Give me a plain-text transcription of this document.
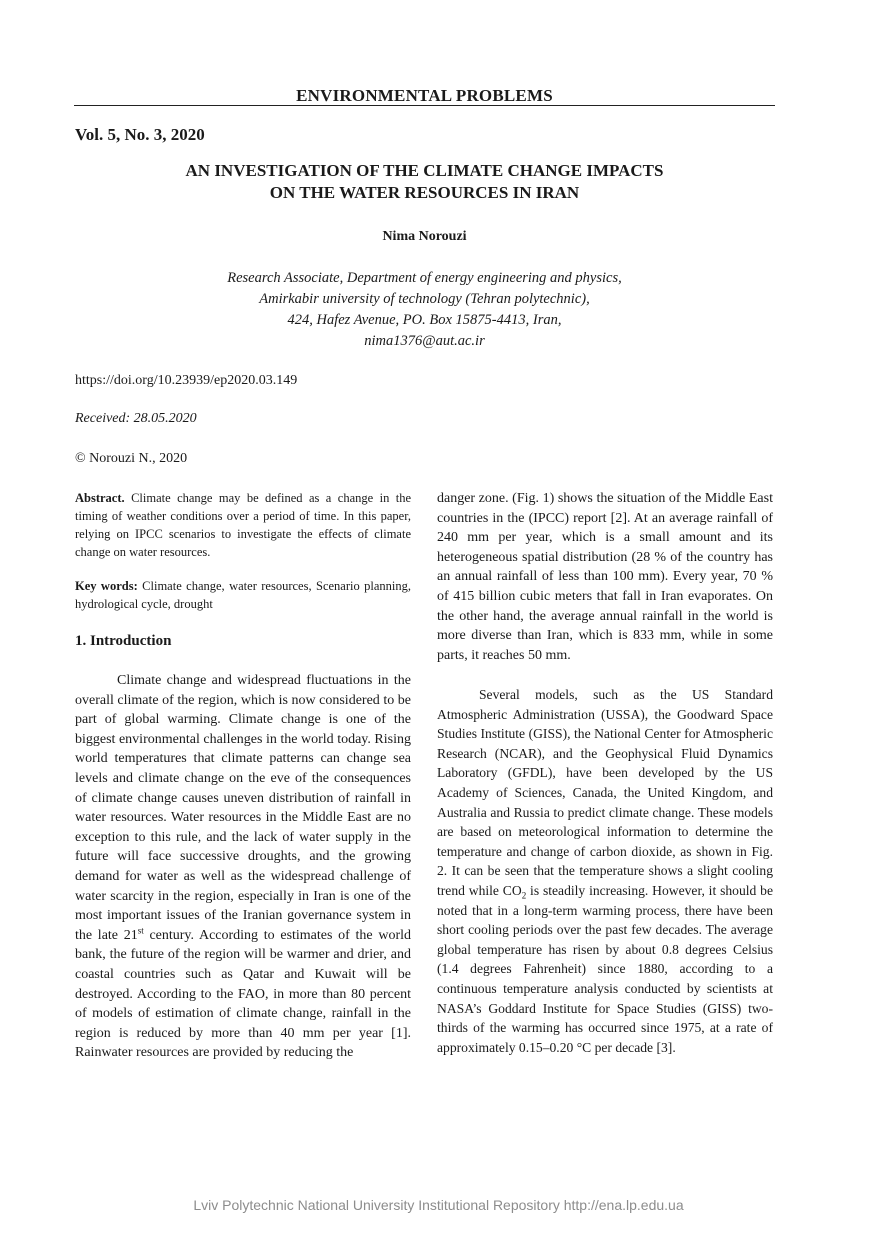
ENVIRONMENTAL PROBLEMS
Vol. 5, No. 3, 2020
AN INVESTIGATION OF THE CLIMATE CHANGE IMPACTS
ON THE WATER RESOURCES IN IRAN
Nima Norouzi
Research Associate, Department of energy engineering and physics,
Amirkabir university of technology (Tehran polytechnic),
424, Hafez Avenue, PO. Box 15875-4413, Iran,
nima1376@aut.ac.ir
https://doi.org/10.23939/ep2020.03.149
Received: 28.05.2020
© Norouzi N., 2020

Abstract. Climate change may be defined as a change in the timing of weather conditions over a period of time. In this paper, relying on IPCC scenarios to investigate the effects of climate change on water resources.

Key words: Climate change, water resources, Scenario planning, hydrological cycle, drought

1. Introduction

Climate change and widespread fluctuations in the overall climate of the region, which is now considered to be part of global warming. Climate change is one of the biggest environmental challenges in the world today. Rising world temperatures that climate patterns can change sea levels and climate change on the eve of the consequences of climate change causes uneven distribution of rainfall in water resources. Water resources in the Middle East are no exception to this rule, and the lack of water supply in the future will face successive droughts, and the growing demand for water as well as the widespread challenge of water scarcity in the region, especially in Iran is one of the most important issues of the Iranian governance system in the late 21st century. According to estimates of the world bank, the future of the region will be warmer and drier, and coastal countries such as Qatar and Kuwait will be destroyed. According to the FAO, in more than 80 percent of models of estimation of climate change, rainfall in the region is reduced by more than 40 mm per year [1]. Rainwater resources are provided by reducing the

danger zone. (Fig. 1) shows the situation of the Middle East countries in the (IPCC) report [2]. At an average rainfall of 240 mm per year, which is a small amount and its heterogeneous spatial distribution (28 % of the country has an annual rainfall of less than 100 mm). Every year, 70 % of 415 billion cubic meters that fall in Iran evaporates. On the other hand, the average annual rainfall in the world is more diverse than Iran, which is 833 mm, while in some parts, it reaches 50 mm.

Several models, such as the US Standard Atmospheric Administration (USSA), the Goodward Space Studies Institute (GISS), the National Center for Atmospheric Research (NCAR), and the Geophysical Fluid Dynamics Laboratory (GFDL), have been developed by the US Academy of Sciences, Canada, the United Kingdom, and Australia and Russia to predict climate change. These models are based on meteorological information to determine the temperature and change of carbon dioxide, as shown in Fig. 2. It can be seen that the temperature shows a slight cooling trend while $CO_2$ is steadily increasing. However, it should be noted that in a long-term warming process, there have been short cooling periods over the past few decades. The average global temperature has risen by about 0.8 degrees Celsius (1.4 degrees Fahrenheit) since 1880, according to a continuous temperature analysis conducted by scientists at NASA’s Goddard Institute for Space Studies (GISS) two-thirds of the warming has occurred since 1975, at a rate of approximately 0.15–0.20 °C per decade [3].

Lviv Polytechnic National University Institutional Repository http://ena.lp.edu.ua
